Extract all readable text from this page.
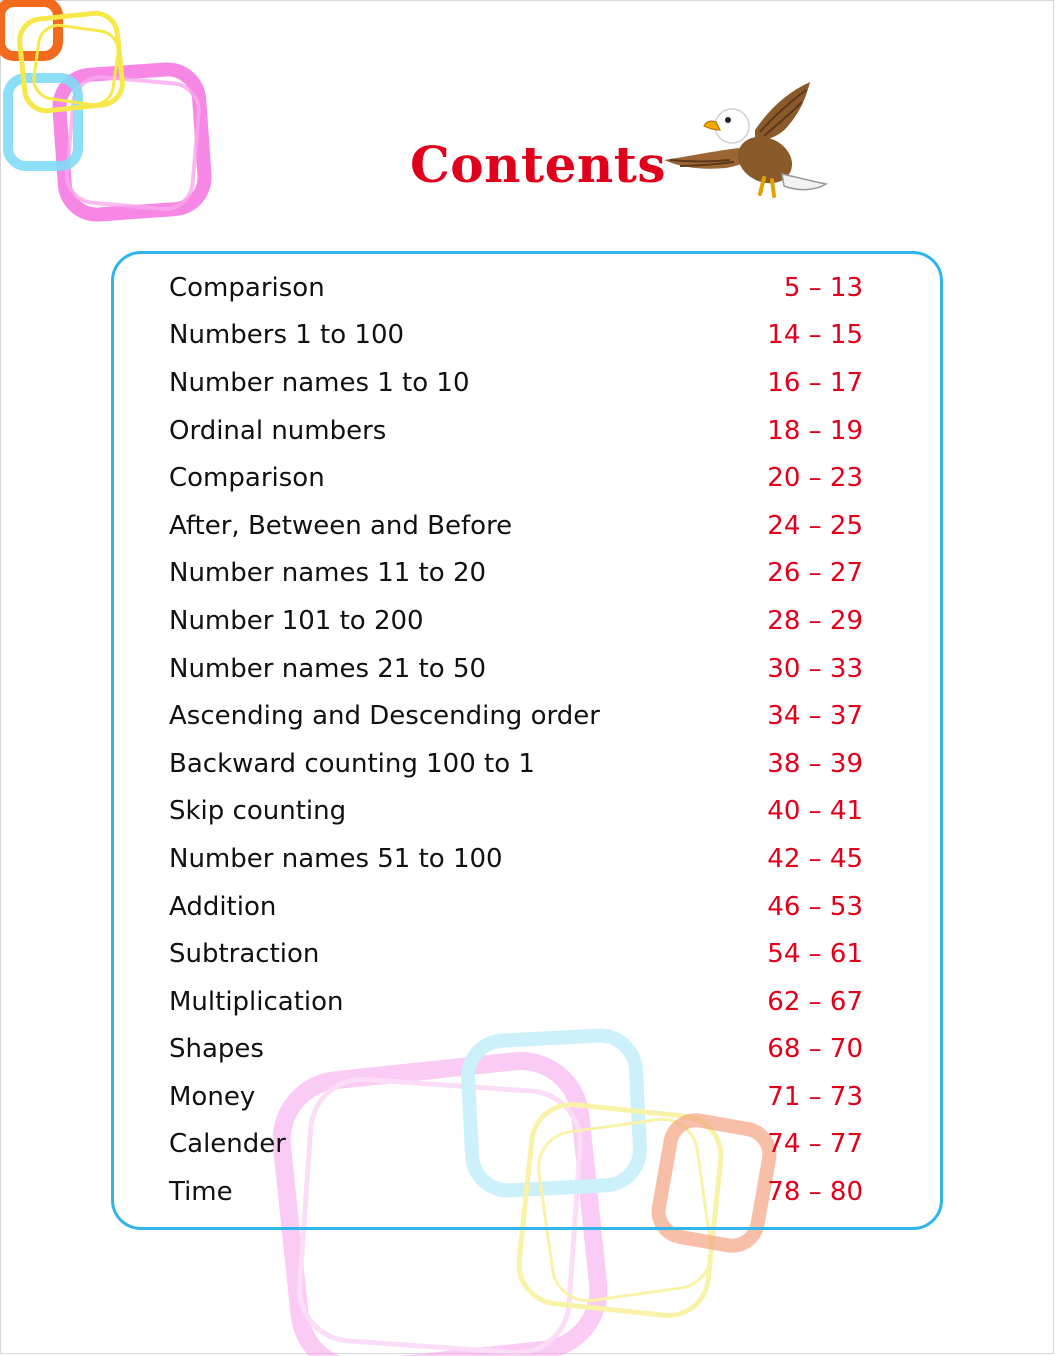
Contents
Comparison	5 – 13
Numbers 1 to 100	14 – 15
Number names 1 to 10	16 – 17
Ordinal numbers	18 – 19
Comparison	20 – 23
After, Between and Before	24 – 25
Number names 11 to 20	26 – 27
Number 101 to 200	28 – 29
Number names 21 to 50	30 – 33
Ascending and Descending order	34 – 37
Backward counting 100 to 1	38 – 39
Skip counting	40 – 41
Number names 51 to 100	42 – 45
Addition	46 – 53
Subtraction	54 – 61
Multiplication	62 – 67
Shapes	68 – 70
Money	71 – 73
Calender	74 – 77
Time	78 – 80
